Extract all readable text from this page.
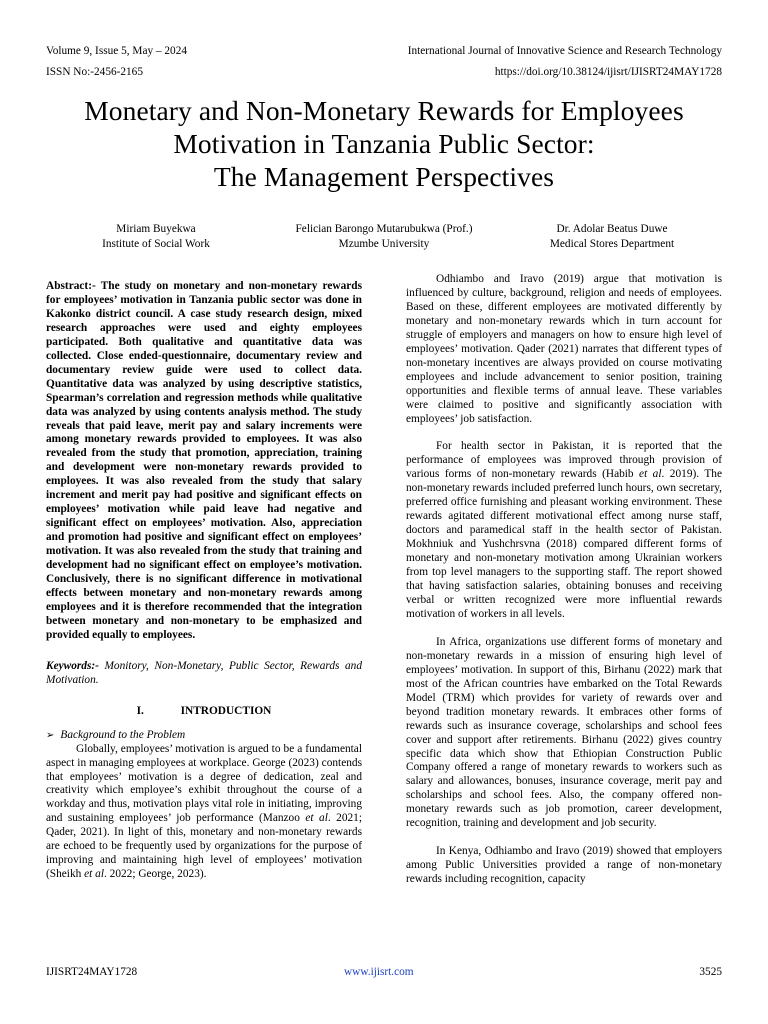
Volume 9, Issue 5, May – 2024	International Journal of Innovative Science and Research Technology
ISSN No:-2456-2165	https://doi.org/10.38124/ijisrt/IJISRT24MAY1728
Monetary and Non-Monetary Rewards for Employees
Motivation in Tanzania Public Sector:
The Management Perspectives
Miriam Buyekwa
Institute of Social Work
Felician Barongo Mutarubukwa (Prof.)
Mzumbe University
Dr. Adolar Beatus Duwe
Medical Stores Department

Abstract:- The study on monetary and non-monetary rewards for employees’ motivation in Tanzania public sector was done in Kakonko district council. A case study research design, mixed research approaches were used and eighty employees participated. Both qualitative and quantitative data was collected. Close ended-questionnaire, documentary review and documentary review guide were used to collect data. Quantitative data was analyzed by using descriptive statistics, Spearman’s correlation and regression methods while qualitative data was analyzed by using contents analysis method. The study reveals that paid leave, merit pay and salary increments were among monetary rewards provided to employees. It was also revealed from the study that promotion, appreciation, training and development were non-monetary rewards provided to employees. It was also revealed from the study that salary increment and merit pay had positive and significant effects on employees’ motivation while paid leave had negative and significant effect on employees’ motivation. Also, appreciation and promotion had positive and significant effect on employees’ motivation. It was also revealed from the study that training and development had no significant effect on employee’s motivation. Conclusively, there is no significant difference in motivational effects between monetary and non-monetary rewards among employees and it is therefore recommended that the integration between monetary and non-monetary to be emphasized and provided equally to employees.

Keywords:- Monitory, Non-Monetary, Public Sector, Rewards and Motivation.

I.	INTRODUCTION
➢ Background to the Problem

Globally, employees’ motivation is argued to be a fundamental aspect in managing employees at workplace. George (2023) contends that employees’ motivation is a degree of dedication, zeal and creativity which employee’s exhibit throughout the course of a workday and thus, motivation plays vital role in initiating, improving and sustaining employees’ job performance (Manzoo et al. 2021; Qader, 2021). In light of this, monetary and non-monetary rewards are echoed to be frequently used by organizations for the purpose of improving and maintaining high level of employees’ motivation (Sheikh et al. 2022; George, 2023).

Odhiambo and Iravo (2019) argue that motivation is influenced by culture, background, religion and needs of employees. Based on these, different employees are motivated differently by monetary and non-monetary rewards which in turn account for struggle of employers and managers on how to ensure high level of employees’ motivation. Qader (2021) narrates that different types of non-monetary incentives are always provided on course motivating employees and include advancement to senior position, training opportunities and flexible terms of annual leave. These variables were claimed to positive and significantly association with employees’ job satisfaction.

For health sector in Pakistan, it is reported that the performance of employees was improved through provision of various forms of non-monetary rewards (Habib et al. 2019). The non-monetary rewards included preferred lunch hours, own secretary, preferred office furnishing and pleasant working environment. These rewards agitated different motivational effect among nurse staff, doctors and paramedical staff in the health sector of Pakistan. Mokhniuk and Yushchrsvna (2018) compared different forms of monetary and non-monetary motivation among Ukrainian workers from top level managers to the supporting staff. The report showed that having satisfaction salaries, obtaining bonuses and receiving verbal or written recognized were more influential rewards motivation of workers in all levels.

In Africa, organizations use different forms of monetary and non-monetary rewards in a mission of ensuring high level of employees’ motivation. In support of this, Birhanu (2022) mark that most of the African countries have embarked on the Total Rewards Model (TRM) which provides for variety of rewards over and beyond tradition monetary rewards. It embraces other forms of rewards such as insurance coverage, scholarships and school fees cover and support after retirements. Birhanu (2022) gives country specific data which show that Ethiopian Construction Public Company offered a range of monetary rewards to workers such as salary and allowances, bonuses, insurance coverage, merit pay and scholarships and school fees. Also, the company offered non-monetary rewards such as job promotion, career development, recognition, training and development and job security.

In Kenya, Odhiambo and Iravo (2019) showed that employers among Public Universities provided a range of non-monetary rewards including recognition, capacity

IJISRT24MAY1728	www.ijisrt.com	3525
